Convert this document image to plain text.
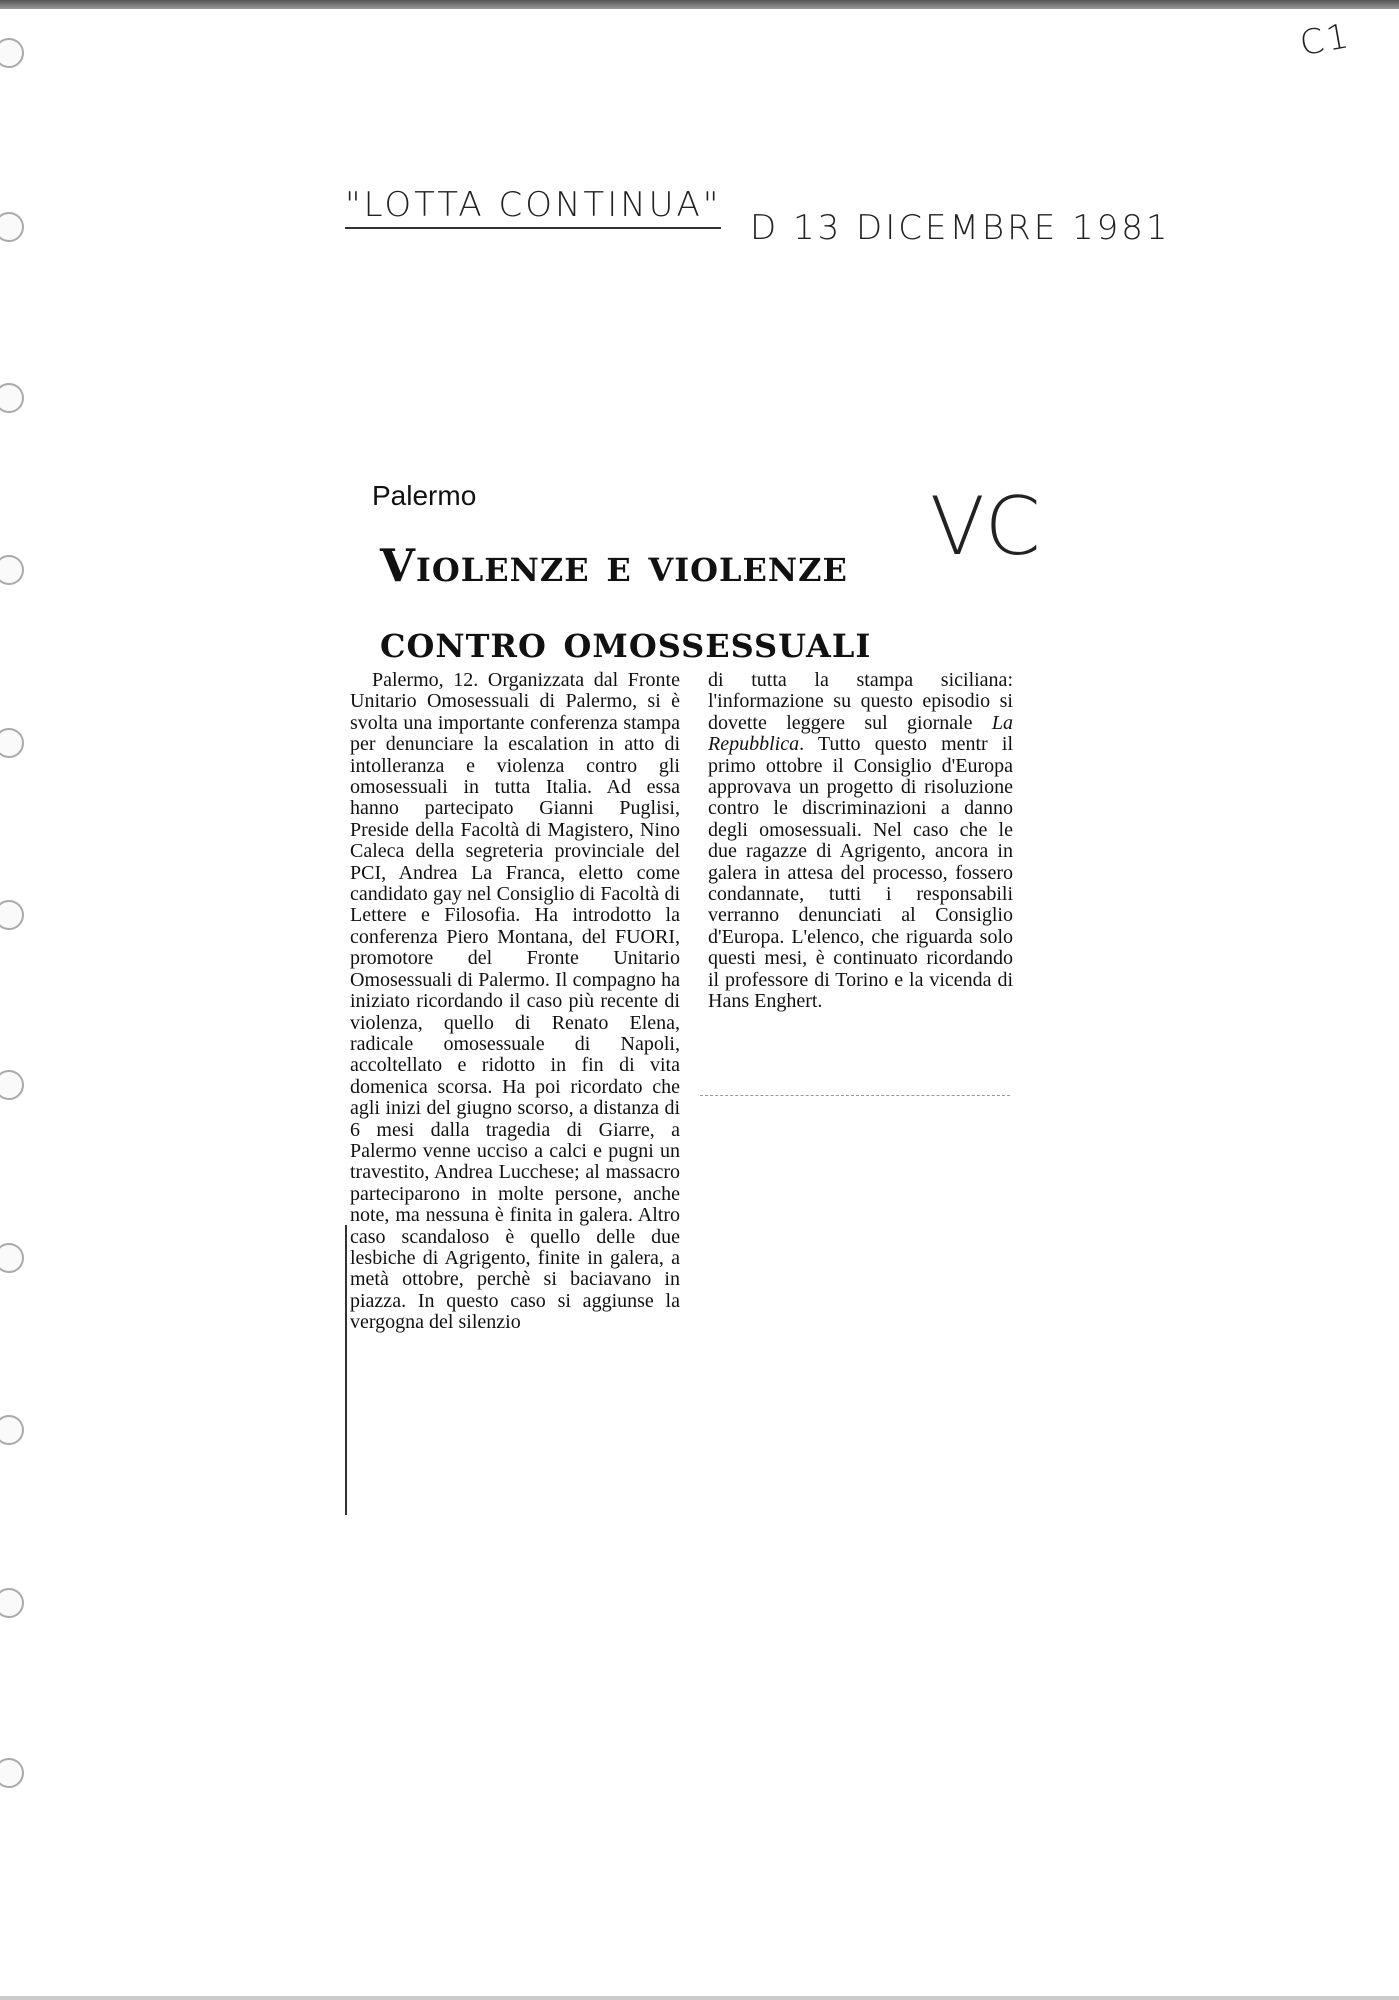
"LOTTA CONTINUA"
D 13 DICEMBRE 1981
C1
VC
Palermo
Violenze e violenze
contro omossessuali
Palermo, 12. Organizzata dal Fronte Unitario Omosessuali di Palermo, si è svolta una importante conferenza stampa per denunciare la escalation in atto di intolleranza e violenza contro gli omosessuali in tutta Italia. Ad essa hanno partecipato Gianni Puglisi, Preside della Facoltà di Magistero, Nino Caleca della segreteria provinciale del PCI, Andrea La Franca, eletto come candidato gay nel Consiglio di Facoltà di Lettere e Filosofia. Ha introdotto la conferenza Piero Montana, del FUORI, promotore del Fronte Unitario Omosessuali di Palermo. Il compagno ha iniziato ricordando il caso più recente di violenza, quello di Renato Elena, radicale omosessuale di Napoli, accoltellato e ridotto in fin di vita domenica scorsa. Ha poi ricordato che agli inizi del giugno scorso, a distanza di 6 mesi dalla tragedia di Giarre, a Palermo venne ucciso a calci e pugni un travestito, Andrea Lucchese; al massacro parteciparono in molte persone, anche note, ma nessuna è finita in galera. Altro caso scandaloso è quello delle due lesbiche di Agrigento, finite in galera, a metà ottobre, perchè si baciavano in piazza. In questo caso si aggiunse la vergogna del silenzio
di tutta la stampa siciliana: l'informazione su questo episodio si dovette leggere sul giornale La Repubblica. Tutto questo mentr il primo ottobre il Consiglio d'Europa approvava un progetto di risoluzione contro le discriminazioni a danno degli omosessuali. Nel caso che le due ragazze di Agrigento, ancora in galera in attesa del processo, fossero condannate, tutti i responsabili verranno denunciati al Consiglio d'Europa. L'elenco, che riguarda solo questi mesi, è continuato ricordando il professore di Torino e la vicenda di Hans Enghert.
